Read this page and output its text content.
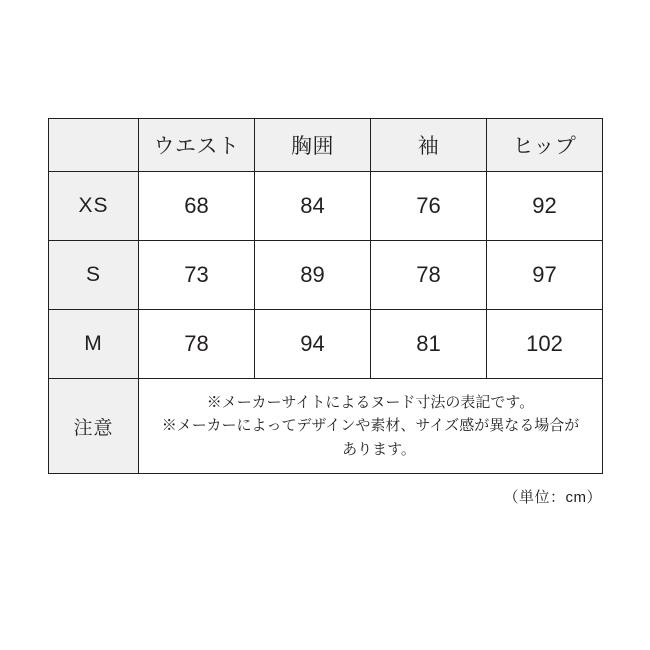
	ウエスト	胸囲	袖	ヒップ
XS	68	84	76	92
S	73	89	78	97
M	78	94	81	102
注意	※メーカーサイトによるヌード寸法の表記です。
※メーカーによってデザインや素材、サイズ感が異なる場合が
あります。			
（単位：cm）
